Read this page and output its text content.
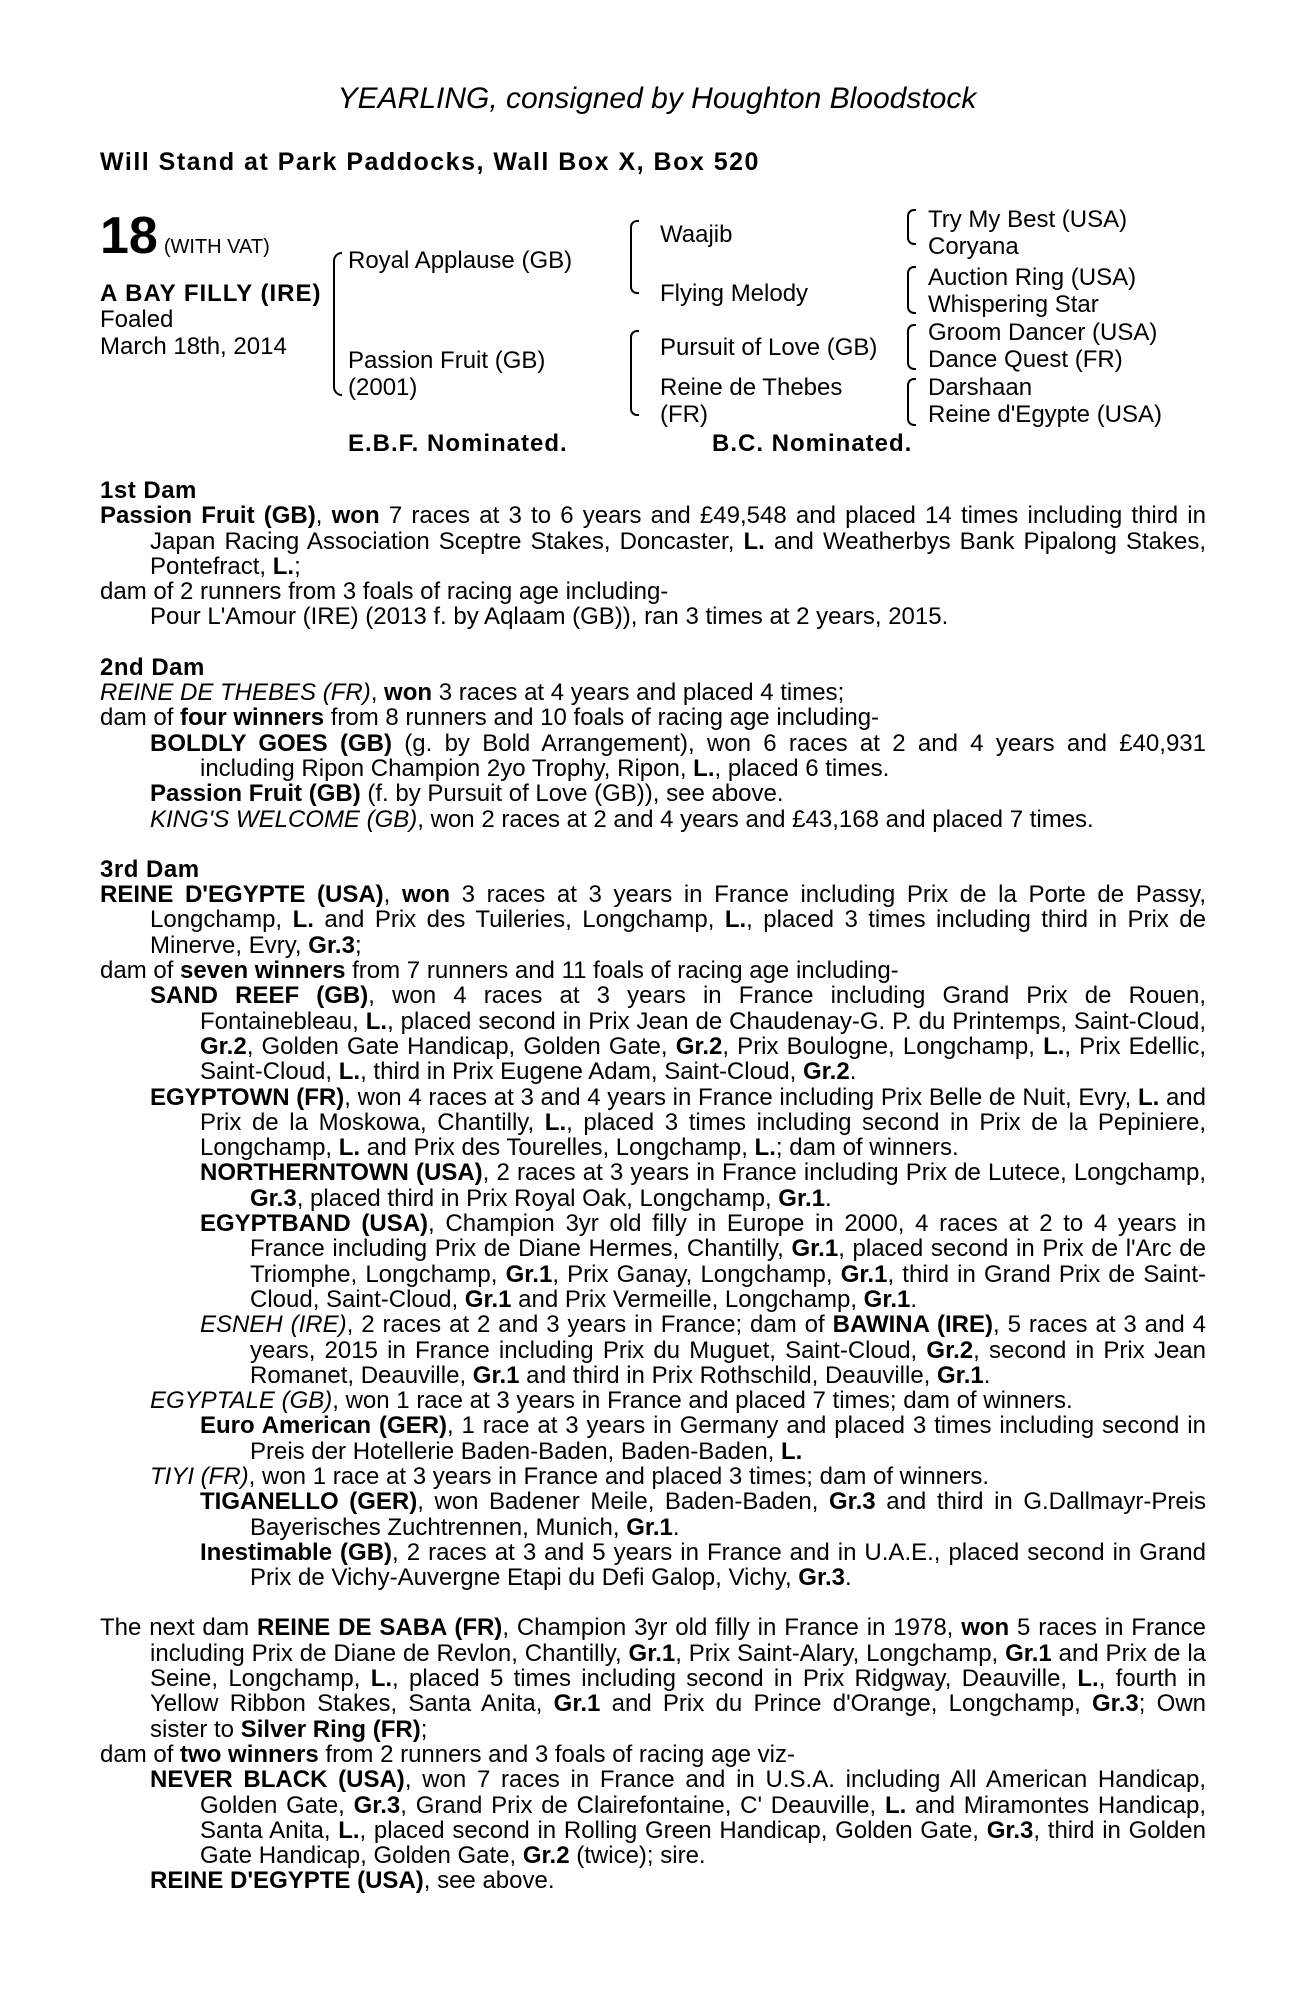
YEARLING, consigned by Houghton Bloodstock
Will Stand at Park Paddocks, Wall Box X, Box 520
18 (WITH VAT)
A BAY FILLY (IRE)
Foaled
March 18th, 2014
Royal Applause (GB)
Passion Fruit (GB)
(2001)
Waajib
Flying Melody
Pursuit of Love (GB)
Reine de Thebes
(FR)
Try My Best (USA)
Coryana
Auction Ring (USA)
Whispering Star
Groom Dancer (USA)
Dance Quest (FR)
Darshaan
Reine d'Egypte (USA)
E.B.F. Nominated.	B.C. Nominated.

1st Dam

Passion Fruit (GB), won 7 races at 3 to 6 years and £49,548 and placed 14 times including third in Japan Racing Association Sceptre Stakes, Doncaster, L. and Weatherbys Bank Pipalong Stakes, Pontefract, L.;

dam of 2 runners from 3 foals of racing age including-

Pour L'Amour (IRE) (2013 f. by Aqlaam (GB)), ran 3 times at 2 years, 2015.

2nd Dam

REINE DE THEBES (FR), won 3 races at 4 years and placed 4 times;

dam of four winners from 8 runners and 10 foals of racing age including-

BOLDLY GOES (GB) (g. by Bold Arrangement), won 6 races at 2 and 4 years and £40,931 including Ripon Champion 2yo Trophy, Ripon, L., placed 6 times.

Passion Fruit (GB) (f. by Pursuit of Love (GB)), see above.

KING'S WELCOME (GB), won 2 races at 2 and 4 years and £43,168 and placed 7 times.

3rd Dam

REINE D'EGYPTE (USA), won 3 races at 3 years in France including Prix de la Porte de Passy, Longchamp, L. and Prix des Tuileries, Longchamp, L., placed 3 times including third in Prix de Minerve, Evry, Gr.3;

dam of seven winners from 7 runners and 11 foals of racing age including-

SAND REEF (GB), won 4 races at 3 years in France including Grand Prix de Rouen, Fontainebleau, L., placed second in Prix Jean de Chaudenay-G. P. du Printemps, Saint-Cloud, Gr.2, Golden Gate Handicap, Golden Gate, Gr.2, Prix Boulogne, Longchamp, L., Prix Edellic, Saint-Cloud, L., third in Prix Eugene Adam, Saint-Cloud, Gr.2.

EGYPTOWN (FR), won 4 races at 3 and 4 years in France including Prix Belle de Nuit, Evry, L. and Prix de la Moskowa, Chantilly, L., placed 3 times including second in Prix de la Pepiniere, Longchamp, L. and Prix des Tourelles, Longchamp, L.; dam of winners.

NORTHERNTOWN (USA), 2 races at 3 years in France including Prix de Lutece, Longchamp, Gr.3, placed third in Prix Royal Oak, Longchamp, Gr.1.

EGYPTBAND (USA), Champion 3yr old filly in Europe in 2000, 4 races at 2 to 4 years in France including Prix de Diane Hermes, Chantilly, Gr.1, placed second in Prix de l'Arc de Triomphe, Longchamp, Gr.1, Prix Ganay, Longchamp, Gr.1, third in Grand Prix de Saint-Cloud, Saint-Cloud, Gr.1 and Prix Vermeille, Longchamp, Gr.1.

ESNEH (IRE), 2 races at 2 and 3 years in France; dam of BAWINA (IRE), 5 races at 3 and 4 years, 2015 in France including Prix du Muguet, Saint-Cloud, Gr.2, second in Prix Jean Romanet, Deauville, Gr.1 and third in Prix Rothschild, Deauville, Gr.1.

EGYPTALE (GB), won 1 race at 3 years in France and placed 7 times; dam of winners.

Euro American (GER), 1 race at 3 years in Germany and placed 3 times including second in Preis der Hotellerie Baden-Baden, Baden-Baden, L.

TIYI (FR), won 1 race at 3 years in France and placed 3 times; dam of winners.

TIGANELLO (GER), won Badener Meile, Baden-Baden, Gr.3 and third in G.Dallmayr-Preis Bayerisches Zuchtrennen, Munich, Gr.1.

Inestimable (GB), 2 races at 3 and 5 years in France and in U.A.E., placed second in Grand Prix de Vichy-Auvergne Etapi du Defi Galop, Vichy, Gr.3.

The next dam REINE DE SABA (FR), Champion 3yr old filly in France in 1978, won 5 races in France including Prix de Diane de Revlon, Chantilly, Gr.1, Prix Saint-Alary, Longchamp, Gr.1 and Prix de la Seine, Longchamp, L., placed 5 times including second in Prix Ridgway, Deauville, L., fourth in Yellow Ribbon Stakes, Santa Anita, Gr.1 and Prix du Prince d'Orange, Longchamp, Gr.3; Own sister to Silver Ring (FR);

dam of two winners from 2 runners and 3 foals of racing age viz-

NEVER BLACK (USA), won 7 races in France and in U.S.A. including All American Handicap, Golden Gate, Gr.3, Grand Prix de Clairefontaine, C' Deauville, L. and Miramontes Handicap, Santa Anita, L., placed second in Rolling Green Handicap, Golden Gate, Gr.3, third in Golden Gate Handicap, Golden Gate, Gr.2 (twice); sire.

REINE D'EGYPTE (USA), see above.
